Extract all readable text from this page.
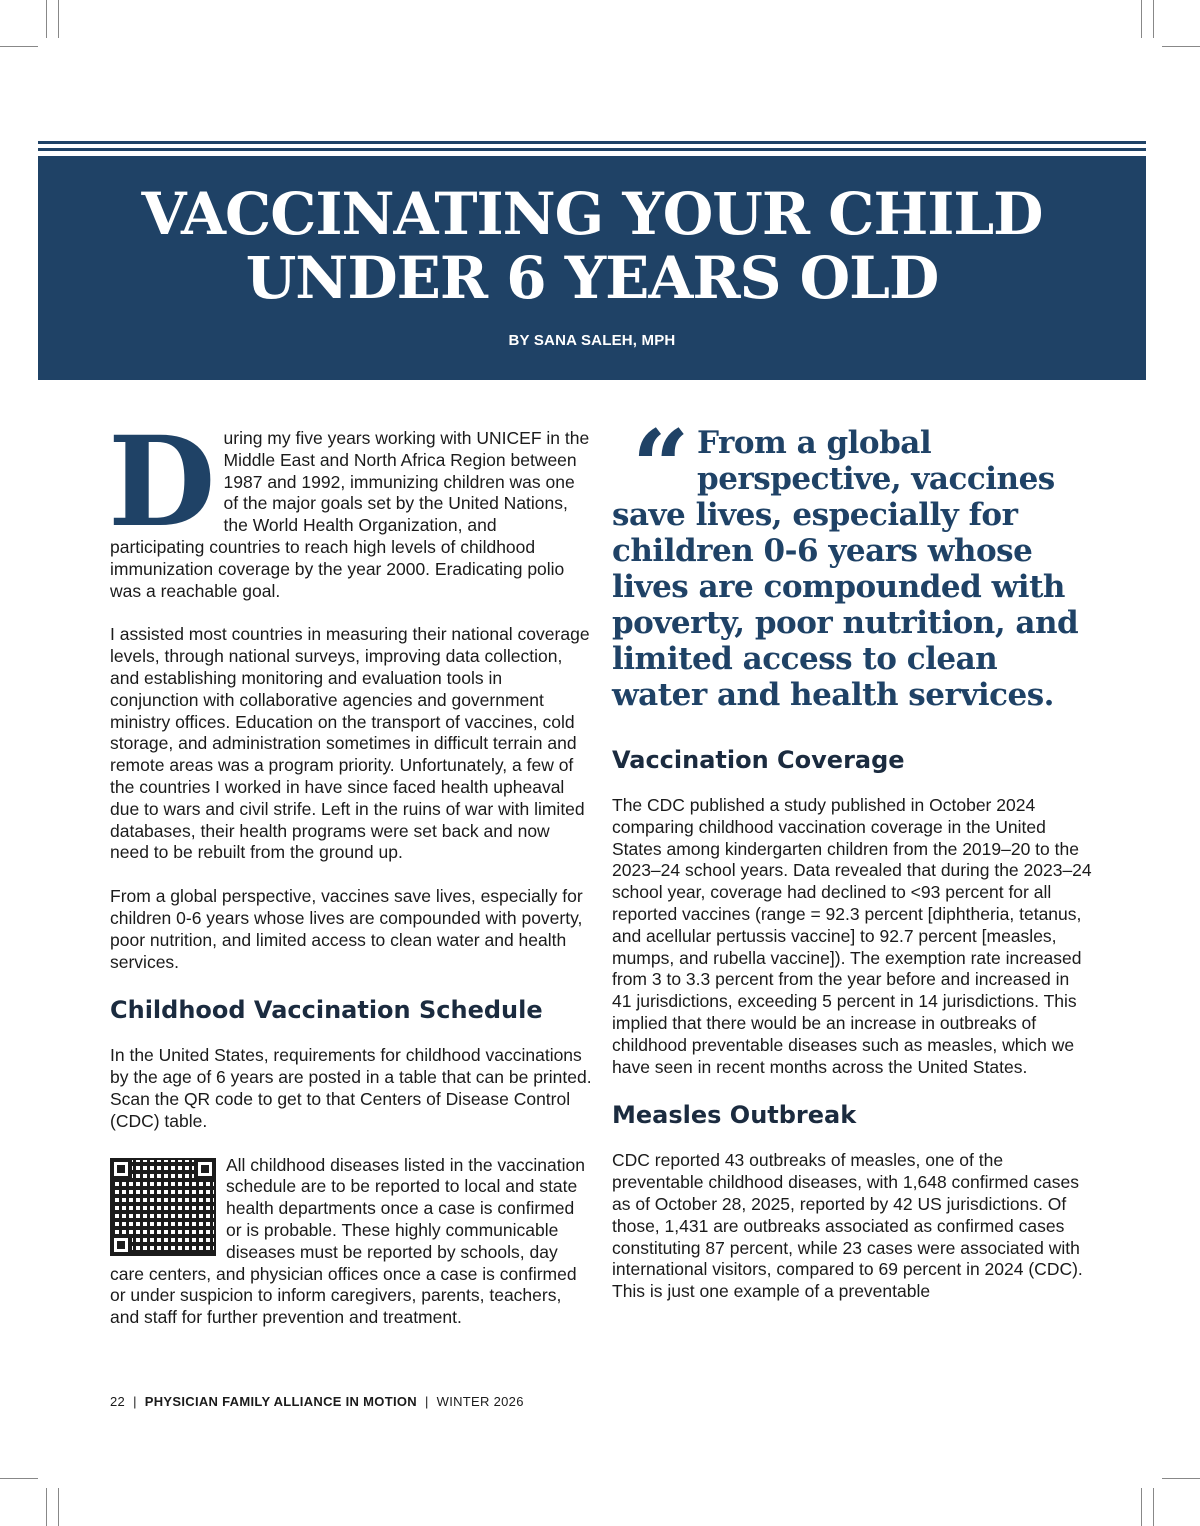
VACCINATING YOUR CHILD
UNDER 6 YEARS OLD
BY SANA SALEH, MPH
During my five years working with UNICEF in the Middle East and North Africa Region between 1987 and 1992, immunizing children was one of the major goals set by the United Nations, the World Health Organization, and participating countries to reach high levels of childhood immunization coverage by the year 2000. Eradicating polio was a reachable goal.

I assisted most countries in measuring their national coverage levels, through national surveys, improving data collection, and establishing monitoring and evaluation tools in conjunction with collaborative agencies and government ministry offices. Education on the transport of vaccines, cold storage, and administration sometimes in difficult terrain and remote areas was a program priority. Unfortunately, a few of the countries I worked in have since faced health upheaval due to wars and civil strife. Left in the ruins of war with limited databases, their health programs were set back and now need to be rebuilt from the ground up.

From a global perspective, vaccines save lives, especially for children 0-6 years whose lives are compounded with poverty, poor nutrition, and limited access to clean water and health services.

Childhood Vaccination Schedule

In the United States, requirements for childhood vaccinations by the age of 6 years are posted in a table that can be printed. Scan the QR code to get to that Centers of Disease Control (CDC) table.

All childhood diseases listed in the vaccination schedule are to be reported to local and state health departments once a case is confirmed or is probable. These highly communicable diseases must be reported by schools, day care centers, and physician offices once a case is confirmed or under suspicion to inform caregivers, parents, teachers, and staff for further prevention and treatment.
“ From a global perspective, vaccines save lives, especially for children 0-6 years whose lives are compounded with poverty, poor nutrition, and limited access to clean water and health services.
Vaccination Coverage

The CDC published a study published in October 2024 comparing childhood vaccination coverage in the United States among kindergarten children from the 2019–20 to the 2023–24 school years. Data revealed that during the 2023–24 school year, coverage had declined to <93 percent for all reported vaccines (range = 92.3 percent [diphtheria, tetanus, and acellular pertussis vaccine] to 92.7 percent [measles, mumps, and rubella vaccine]). The exemption rate increased from 3 to 3.3 percent from the year before and increased in 41 jurisdictions, exceeding 5 percent in 14 jurisdictions. This implied that there would be an increase in outbreaks of childhood preventable diseases such as measles, which we have seen in recent months across the United States.

Measles Outbreak

CDC reported 43 outbreaks of measles, one of the preventable childhood diseases, with 1,648 confirmed cases as of October 28, 2025, reported by 42 US jurisdictions. Of those, 1,431 are outbreaks associated as confirmed cases constituting 87 percent, while 23 cases were associated with international visitors, compared to 69 percent in 2024 (CDC). This is just one example of a preventable

22 | PHYSICIAN FAMILY ALLIANCE IN MOTION | WINTER 2026
